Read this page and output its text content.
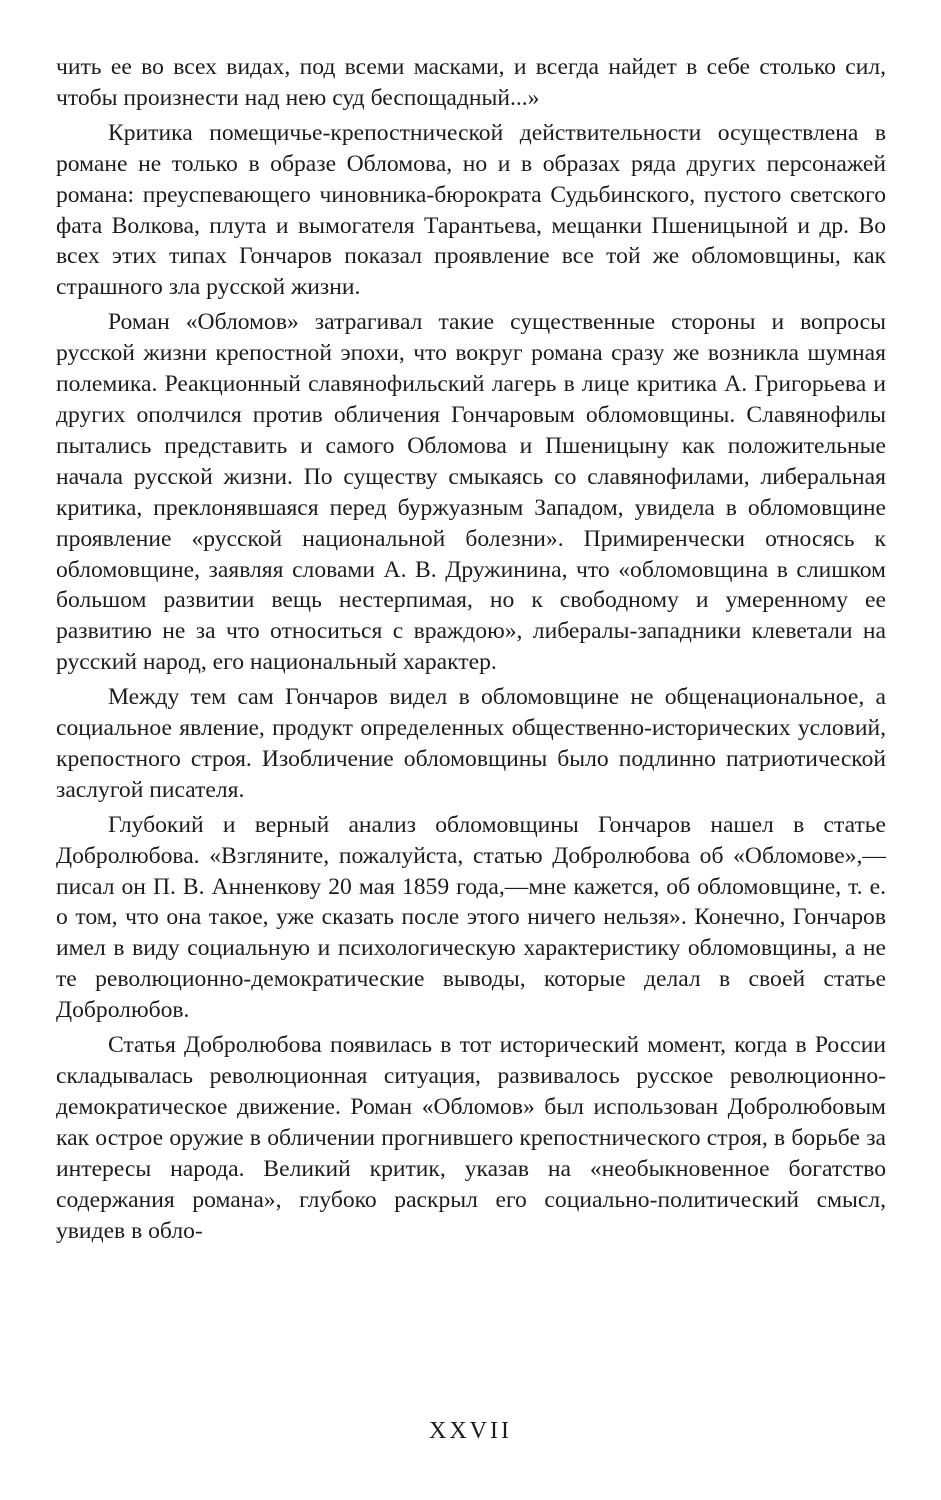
чить ее во всех видах, под всеми масками, и всегда найдет в себе столько сил, чтобы произнести над нею суд беспощадный...»

Критика помещичье-крепостнической действительности осуществлена в романе не только в образе Обломова, но и в образах ряда других персонажей романа: преуспевающего чиновника-бюрократа Судьбинского, пустого светского фата Волкова, плута и вымогателя Тарантьева, мещанки Пшеницыной и др. Во всех этих типах Гончаров показал проявление все той же обломовщины, как страшного зла русской жизни.

Роман «Обломов» затрагивал такие существенные стороны и вопросы русской жизни крепостной эпохи, что вокруг романа сразу же возникла шумная полемика. Реакционный славянофильский лагерь в лице критика А. Григорьева и других ополчился против обличения Гончаровым обломовщины. Славянофилы пытались представить и самого Обломова и Пшеницыну как положительные начала русской жизни. По существу смыкаясь со славянофилами, либеральная критика, преклонявшаяся перед буржуазным Западом, увидела в обломовщине проявление «русской национальной болезни». Примиренчески относясь к обломовщине, заявляя словами А. В. Дружинина, что «обломовщина в слишком большом развитии вещь нестерпимая, но к свободному и умеренному ее развитию не за что относиться с враждою», либералы-западники клеветали на русский народ, его национальный характер.

Между тем сам Гончаров видел в обломовщине не общенациональное, а социальное явление, продукт определенных общественно-исторических условий, крепостного строя. Изобличение обломовщины было подлинно патриотической заслугой писателя.

Глубокий и верный анализ обломовщины Гончаров нашел в статье Добролюбова. «Взгляните, пожалуйста, статью Добролюбова об «Обломове»,—писал он П. В. Анненкову 20 мая 1859 года,—мне кажется, об обломовщине, т. е. о том, что она такое, уже сказать после этого ничего нельзя». Конечно, Гончаров имел в виду социальную и психологическую характеристику обломовщины, а не те революционно-демократические выводы, которые делал в своей статье Добролюбов.

Статья Добролюбова появилась в тот исторический момент, когда в России складывалась революционная ситуация, развивалось русское революционно-демократическое движение. Роман «Обломов» был использован Добролюбовым как острое оружие в обличении прогнившего крепостнического строя, в борьбе за интересы народа. Великий критик, указав на «необыкновенное богатство содержания романа», глубоко раскрыл его социально-политический смысл, увидев в обло-

XXVII
